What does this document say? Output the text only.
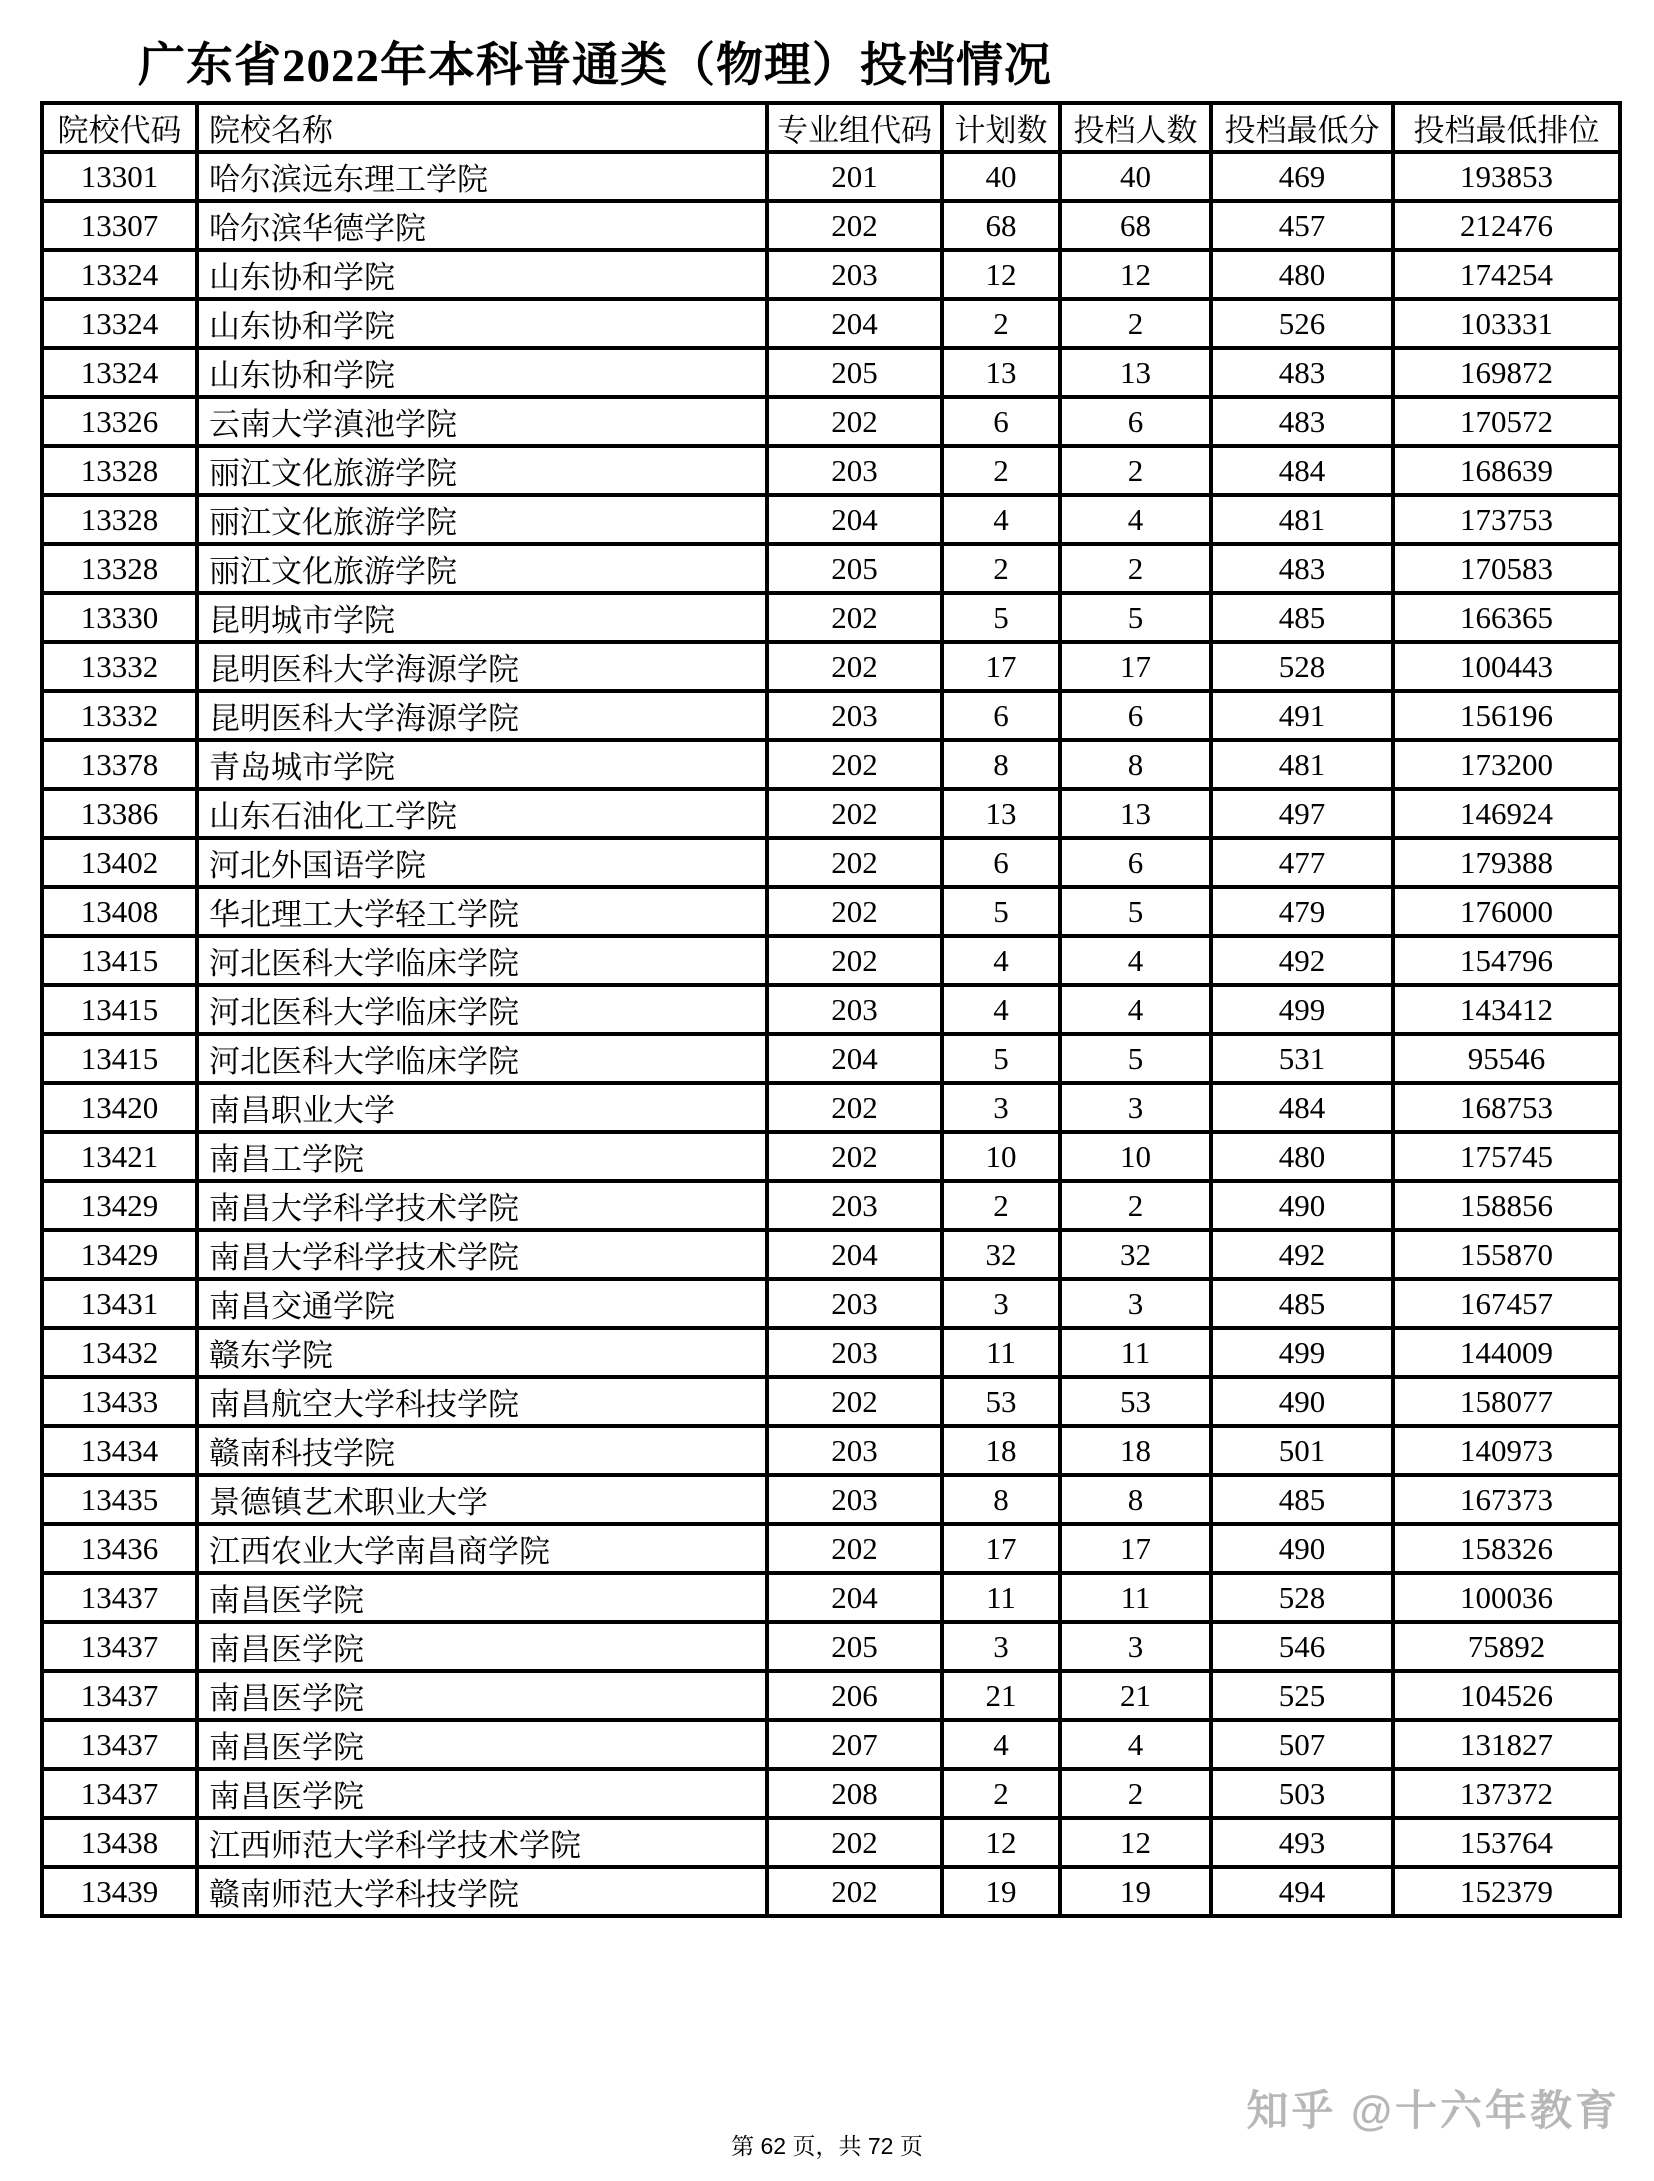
广东省2022年本科普通类（物理）投档情况
院校代码	院校名称	专业组代码	计划数	投档人数	投档最低分	投档最低排位
13301	哈尔滨远东理工学院	201	40	40	469	193853
13307	哈尔滨华德学院	202	68	68	457	212476
13324	山东协和学院	203	12	12	480	174254
13324	山东协和学院	204	2	2	526	103331
13324	山东协和学院	205	13	13	483	169872
13326	云南大学滇池学院	202	6	6	483	170572
13328	丽江文化旅游学院	203	2	2	484	168639
13328	丽江文化旅游学院	204	4	4	481	173753
13328	丽江文化旅游学院	205	2	2	483	170583
13330	昆明城市学院	202	5	5	485	166365
13332	昆明医科大学海源学院	202	17	17	528	100443
13332	昆明医科大学海源学院	203	6	6	491	156196
13378	青岛城市学院	202	8	8	481	173200
13386	山东石油化工学院	202	13	13	497	146924
13402	河北外国语学院	202	6	6	477	179388
13408	华北理工大学轻工学院	202	5	5	479	176000
13415	河北医科大学临床学院	202	4	4	492	154796
13415	河北医科大学临床学院	203	4	4	499	143412
13415	河北医科大学临床学院	204	5	5	531	95546
13420	南昌职业大学	202	3	3	484	168753
13421	南昌工学院	202	10	10	480	175745
13429	南昌大学科学技术学院	203	2	2	490	158856
13429	南昌大学科学技术学院	204	32	32	492	155870
13431	南昌交通学院	203	3	3	485	167457
13432	赣东学院	203	11	11	499	144009
13433	南昌航空大学科技学院	202	53	53	490	158077
13434	赣南科技学院	203	18	18	501	140973
13435	景德镇艺术职业大学	203	8	8	485	167373
13436	江西农业大学南昌商学院	202	17	17	490	158326
13437	南昌医学院	204	11	11	528	100036
13437	南昌医学院	205	3	3	546	75892
13437	南昌医学院	206	21	21	525	104526
13437	南昌医学院	207	4	4	507	131827
13437	南昌医学院	208	2	2	503	137372
13438	江西师范大学科学技术学院	202	12	12	493	153764
13439	赣南师范大学科技学院	202	19	19	494	152379
第 62 页，共 72 页
知乎 @十六年教育
